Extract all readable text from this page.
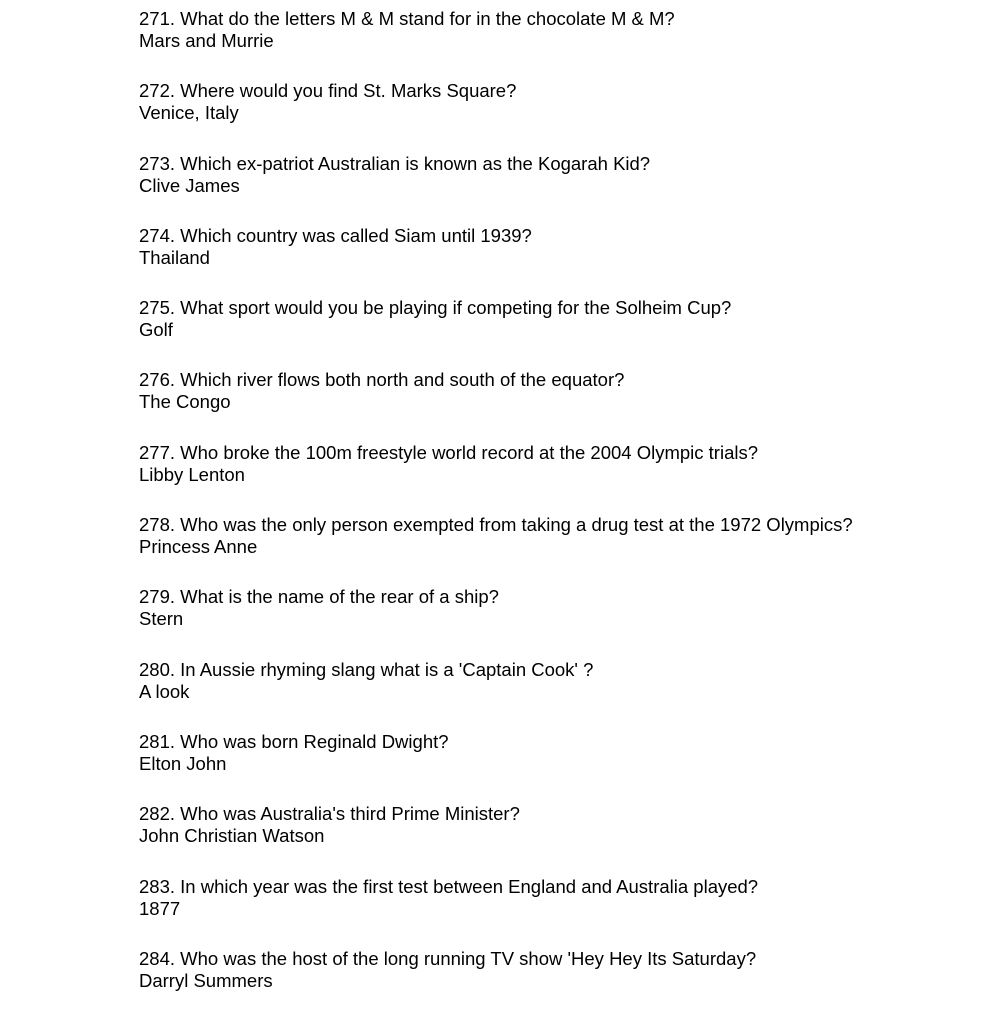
271. What do the letters M & M stand for in the chocolate M & M?
Mars and Murrie
272. Where would you find St. Marks Square?
Venice, Italy
273. Which ex-patriot Australian is known as the Kogarah Kid?
Clive James
274. Which country was called Siam until 1939?
Thailand
275. What sport would you be playing if competing for the Solheim Cup?
Golf
276. Which river flows both north and south of the equator?
The Congo
277. Who broke the 100m freestyle world record at the 2004 Olympic trials?
Libby Lenton
278. Who was the only person exempted from taking a drug test at the 1972 Olympics?
Princess Anne
279. What is the name of the rear of a ship?
Stern
280. In Aussie rhyming slang what is a 'Captain Cook' ?
A look
281. Who was born Reginald Dwight?
Elton John
282. Who was Australia's third Prime Minister?
John Christian Watson
283. In which year was the first test between England and Australia played?
1877
284. Who was the host of the long running TV show 'Hey Hey Its Saturday?
Darryl Summers
